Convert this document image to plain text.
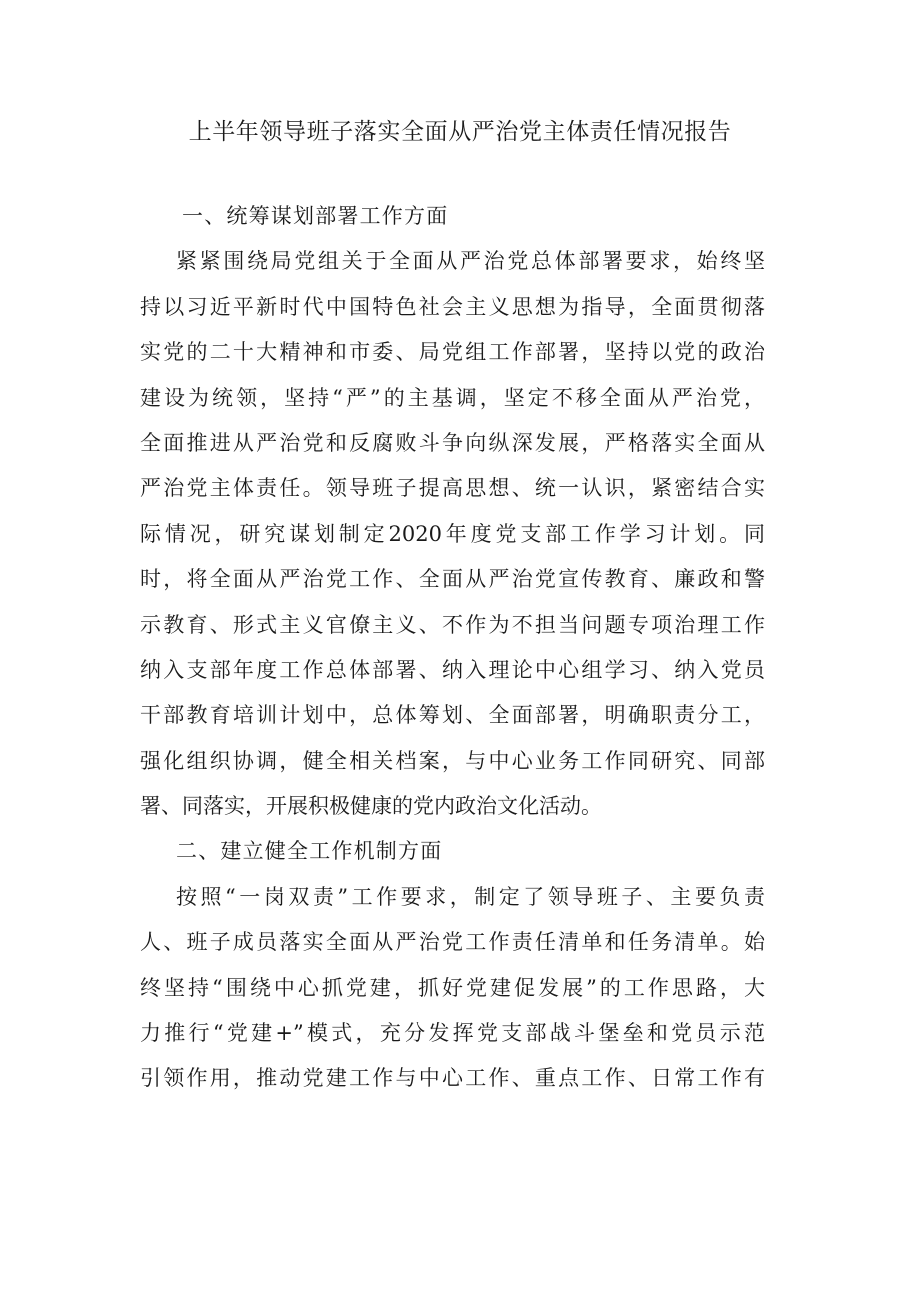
上半年领导班子落实全面从严治党主体责任情况报告
一、统筹谋划部署工作方面
紧紧围绕局党组关于全面从严治党总体部署要求，始终坚
持以习近平新时代中国特色社会主义思想为指导，全面贯彻落
实党的二十大精神和市委、局党组工作部署，坚持以党的政治
建设为统领，坚持“严”的主基调，坚定不移全面从严治党，
全面推进从严治党和反腐败斗争向纵深发展，严格落实全面从
严治党主体责任。领导班子提高思想、统一认识，紧密结合实
际情况，研究谋划制定2020年度党支部工作学习计划。同
时，将全面从严治党工作、全面从严治党宣传教育、廉政和警
示教育、形式主义官僚主义、不作为不担当问题专项治理工作
纳入支部年度工作总体部署、纳入理论中心组学习、纳入党员
干部教育培训计划中，总体筹划、全面部署，明确职责分工，
强化组织协调，健全相关档案，与中心业务工作同研究、同部
署、同落实，开展积极健康的党内政治文化活动。
二、建立健全工作机制方面
按照“一岗双责”工作要求，制定了领导班子、主要负责
人、班子成员落实全面从严治党工作责任清单和任务清单。始
终坚持“围绕中心抓党建，抓好党建促发展”的工作思路，大
力推行“党建+”模式，充分发挥党支部战斗堡垒和党员示范
引领作用，推动党建工作与中心工作、重点工作、日常工作有
